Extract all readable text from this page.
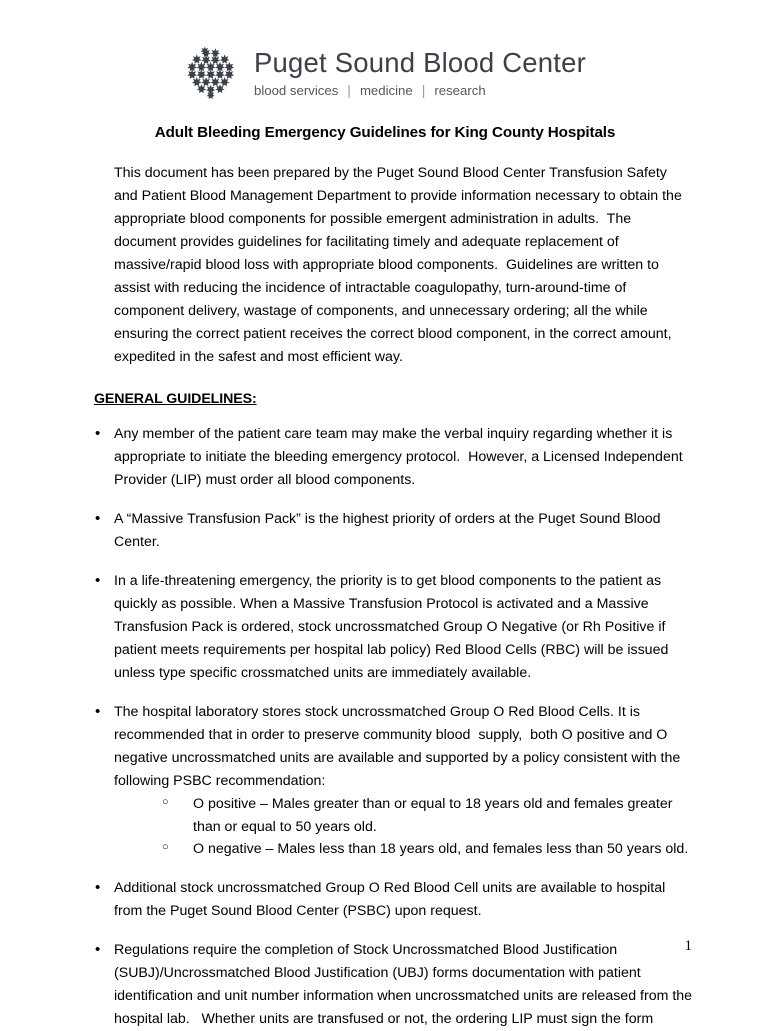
Puget Sound Blood Center
blood services | medicine | research
Adult Bleeding Emergency Guidelines for King County Hospitals

This document has been prepared by the Puget Sound Blood Center Transfusion Safety and Patient Blood Management Department to provide information necessary to obtain the appropriate blood components for possible emergent administration in adults.  The document provides guidelines for facilitating timely and adequate replacement of massive/rapid blood loss with appropriate blood components.  Guidelines are written to assist with reducing the incidence of intractable coagulopathy, turn-around-time of component delivery, wastage of components, and unnecessary ordering; all the while ensuring the correct patient receives the correct blood component, in the correct amount, expedited in the safest and most efficient way.

GENERAL GUIDELINES:
• Any member of the patient care team may make the verbal inquiry regarding whether it is appropriate to initiate the bleeding emergency protocol.  However, a Licensed Independent Provider (LIP) must order all blood components.
• A “Massive Transfusion Pack” is the highest priority of orders at the Puget Sound Blood Center.
• In a life-threatening emergency, the priority is to get blood components to the patient as quickly as possible. When a Massive Transfusion Protocol is activated and a Massive Transfusion Pack is ordered, stock uncrossmatched Group O Negative (or Rh Positive if patient meets requirements per hospital lab policy) Red Blood Cells (RBC) will be issued unless type specific crossmatched units are immediately available.
• The hospital laboratory stores stock uncrossmatched Group O Red Blood Cells. It is recommended that in order to preserve community blood  supply,  both O positive and O negative uncrossmatched units are available and supported by a policy consistent with the following PSBC recommendation:
○ O positive – Males greater than or equal to 18 years old and females greater than or equal to 50 years old.
○ O negative – Males less than 18 years old, and females less than 50 years old.
• Additional stock uncrossmatched Group O Red Blood Cell units are available to hospital from the Puget Sound Blood Center (PSBC) upon request.
• Regulations require the completion of Stock Uncrossmatched Blood Justification (SUBJ)/Uncrossmatched Blood Justification (UBJ) forms documentation with patient identification and unit number information when uncrossmatched units are released from the hospital lab.   Whether units are transfused or not, the ordering LIP must sign the form
1
